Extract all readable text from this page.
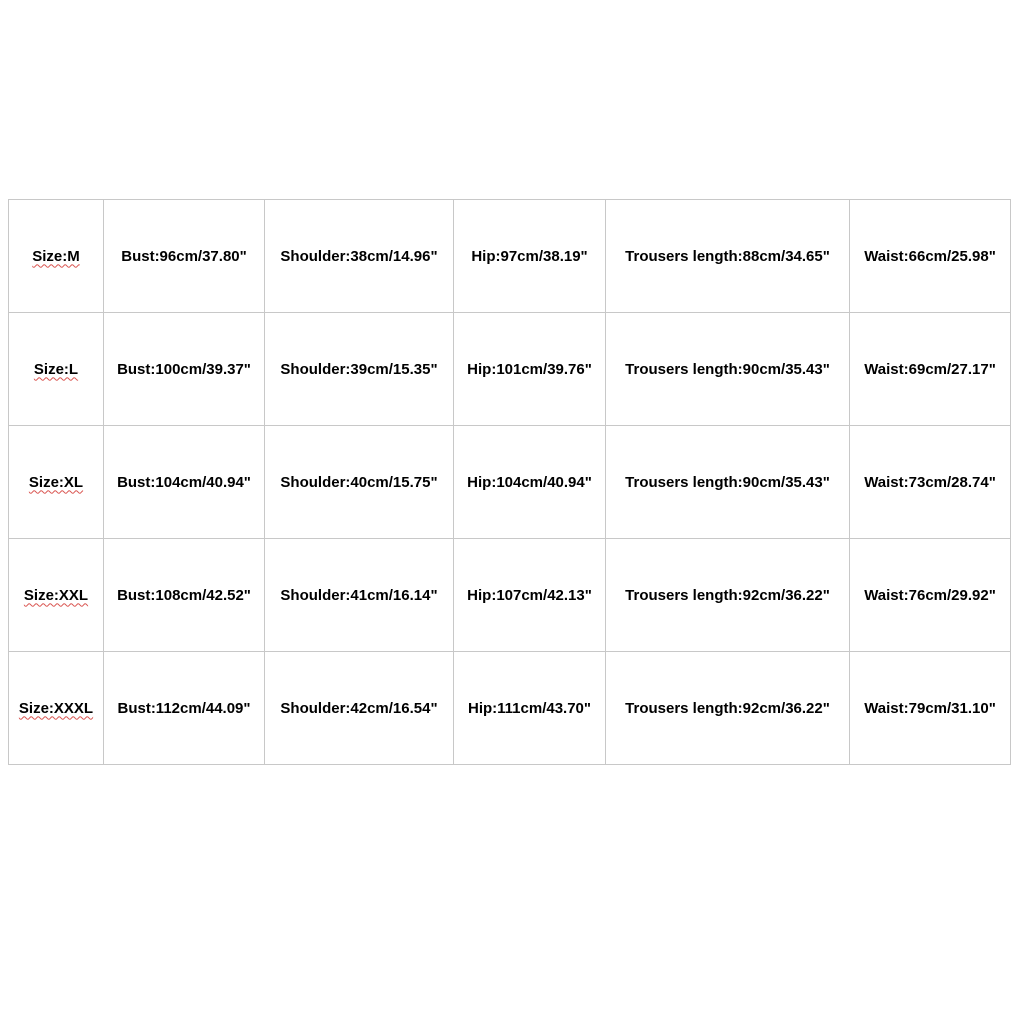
Size:M	Bust:96cm/37.80"	Shoulder:38cm/14.96"	Hip:97cm/38.19"	Trousers length:88cm/34.65"	Waist:66cm/25.98"
Size:L	Bust:100cm/39.37"	Shoulder:39cm/15.35"	Hip:101cm/39.76"	Trousers length:90cm/35.43"	Waist:69cm/27.17"
Size:XL	Bust:104cm/40.94"	Shoulder:40cm/15.75"	Hip:104cm/40.94"	Trousers length:90cm/35.43"	Waist:73cm/28.74"
Size:XXL	Bust:108cm/42.52"	Shoulder:41cm/16.14"	Hip:107cm/42.13"	Trousers length:92cm/36.22"	Waist:76cm/29.92"
Size:XXXL	Bust:112cm/44.09"	Shoulder:42cm/16.54"	Hip:111cm/43.70"	Trousers length:92cm/36.22"	Waist:79cm/31.10"
